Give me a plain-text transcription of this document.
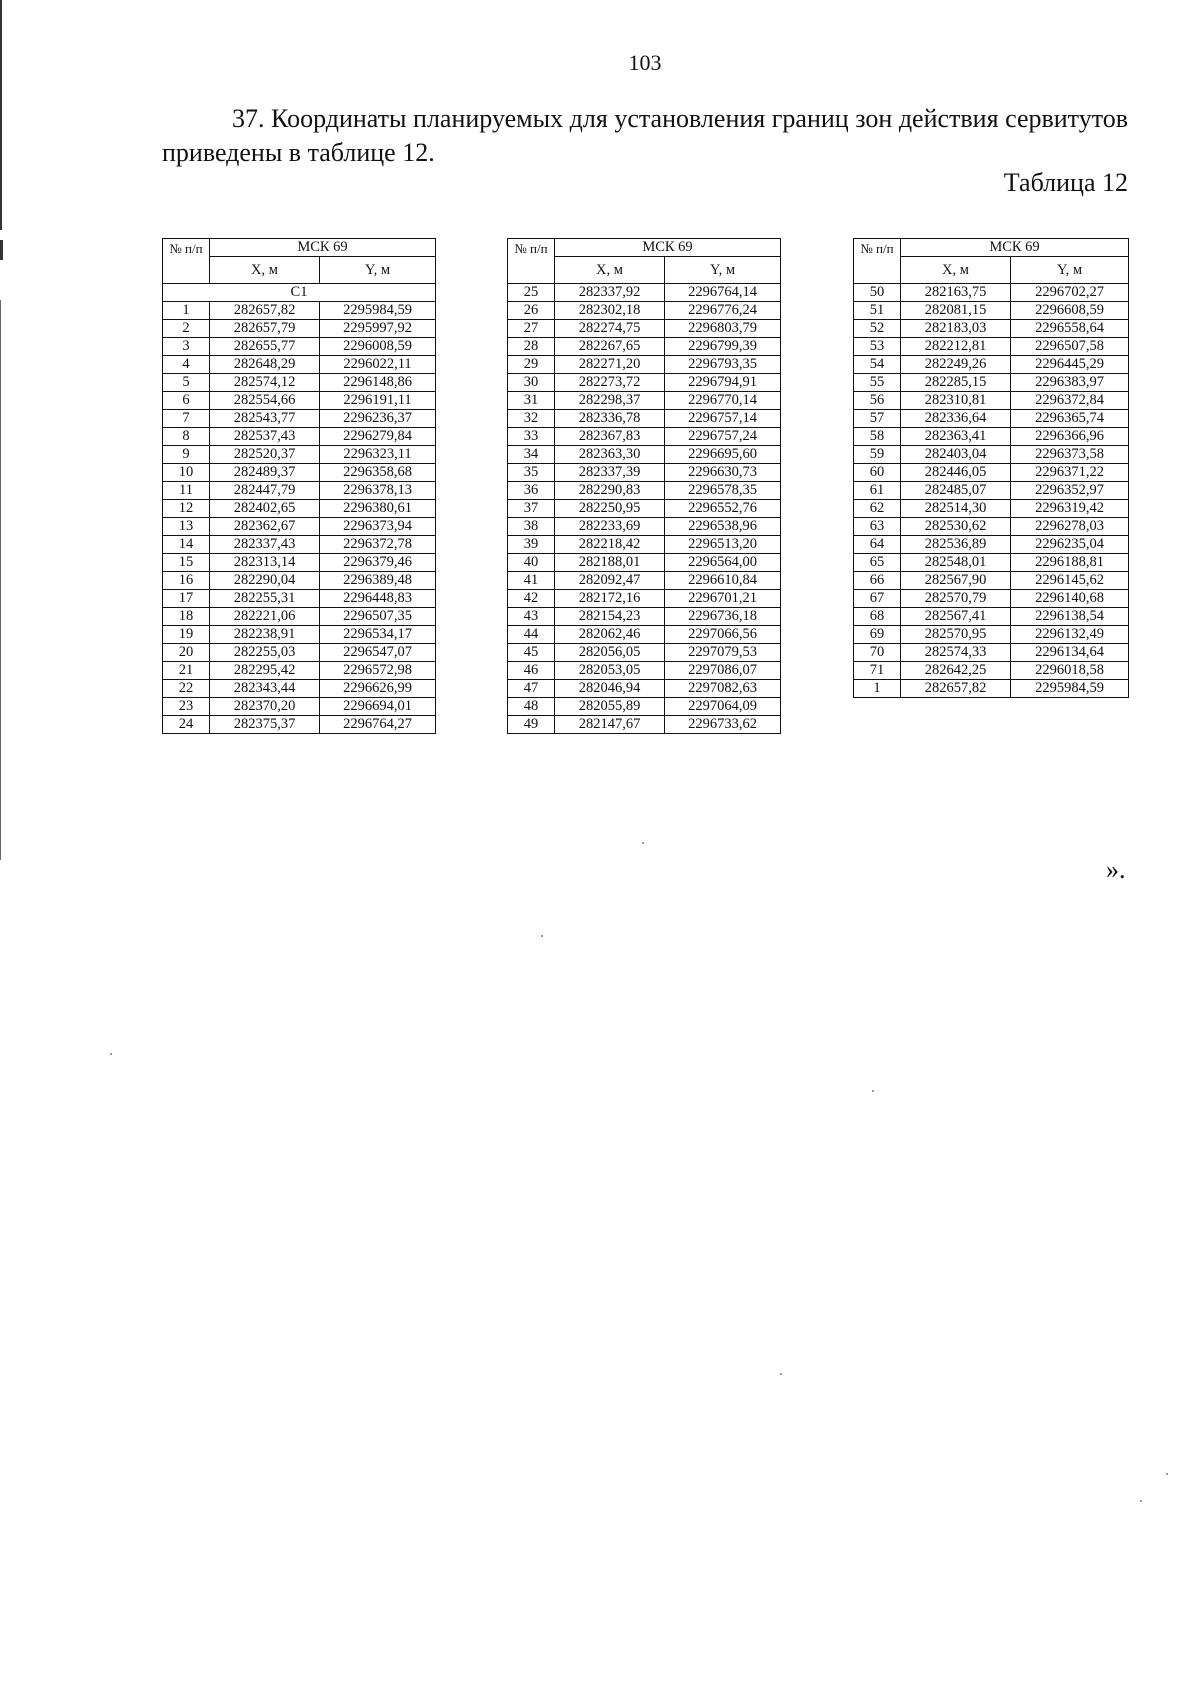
103
37. Координаты планируемых для установления границ зон действия сервитутов приведены в таблице 12.
Таблица 12
№ п/п	МСК 69	
	X, м	Y, м
С1		
1	282657,82	2295984,59
2	282657,79	2295997,92
3	282655,77	2296008,59
4	282648,29	2296022,11
5	282574,12	2296148,86
6	282554,66	2296191,11
7	282543,77	2296236,37
8	282537,43	2296279,84
9	282520,37	2296323,11
10	282489,37	2296358,68
11	282447,79	2296378,13
12	282402,65	2296380,61
13	282362,67	2296373,94
14	282337,43	2296372,78
15	282313,14	2296379,46
16	282290,04	2296389,48
17	282255,31	2296448,83
18	282221,06	2296507,35
19	282238,91	2296534,17
20	282255,03	2296547,07
21	282295,42	2296572,98
22	282343,44	2296626,99
23	282370,20	2296694,01
24	282375,37	2296764,27
№ п/п	МСК 69	
	X, м	Y, м
25	282337,92	2296764,14
26	282302,18	2296776,24
27	282274,75	2296803,79
28	282267,65	2296799,39
29	282271,20	2296793,35
30	282273,72	2296794,91
31	282298,37	2296770,14
32	282336,78	2296757,14
33	282367,83	2296757,24
34	282363,30	2296695,60
35	282337,39	2296630,73
36	282290,83	2296578,35
37	282250,95	2296552,76
38	282233,69	2296538,96
39	282218,42	2296513,20
40	282188,01	2296564,00
41	282092,47	2296610,84
42	282172,16	2296701,21
43	282154,23	2296736,18
44	282062,46	2297066,56
45	282056,05	2297079,53
46	282053,05	2297086,07
47	282046,94	2297082,63
48	282055,89	2297064,09
49	282147,67	2296733,62
№ п/п	МСК 69	
	X, м	Y, м
50	282163,75	2296702,27
51	282081,15	2296608,59
52	282183,03	2296558,64
53	282212,81	2296507,58
54	282249,26	2296445,29
55	282285,15	2296383,97
56	282310,81	2296372,84
57	282336,64	2296365,74
58	282363,41	2296366,96
59	282403,04	2296373,58
60	282446,05	2296371,22
61	282485,07	2296352,97
62	282514,30	2296319,42
63	282530,62	2296278,03
64	282536,89	2296235,04
65	282548,01	2296188,81
66	282567,90	2296145,62
67	282570,79	2296140,68
68	282567,41	2296138,54
69	282570,95	2296132,49
70	282574,33	2296134,64
71	282642,25	2296018,58
1	282657,82	2295984,59
».
